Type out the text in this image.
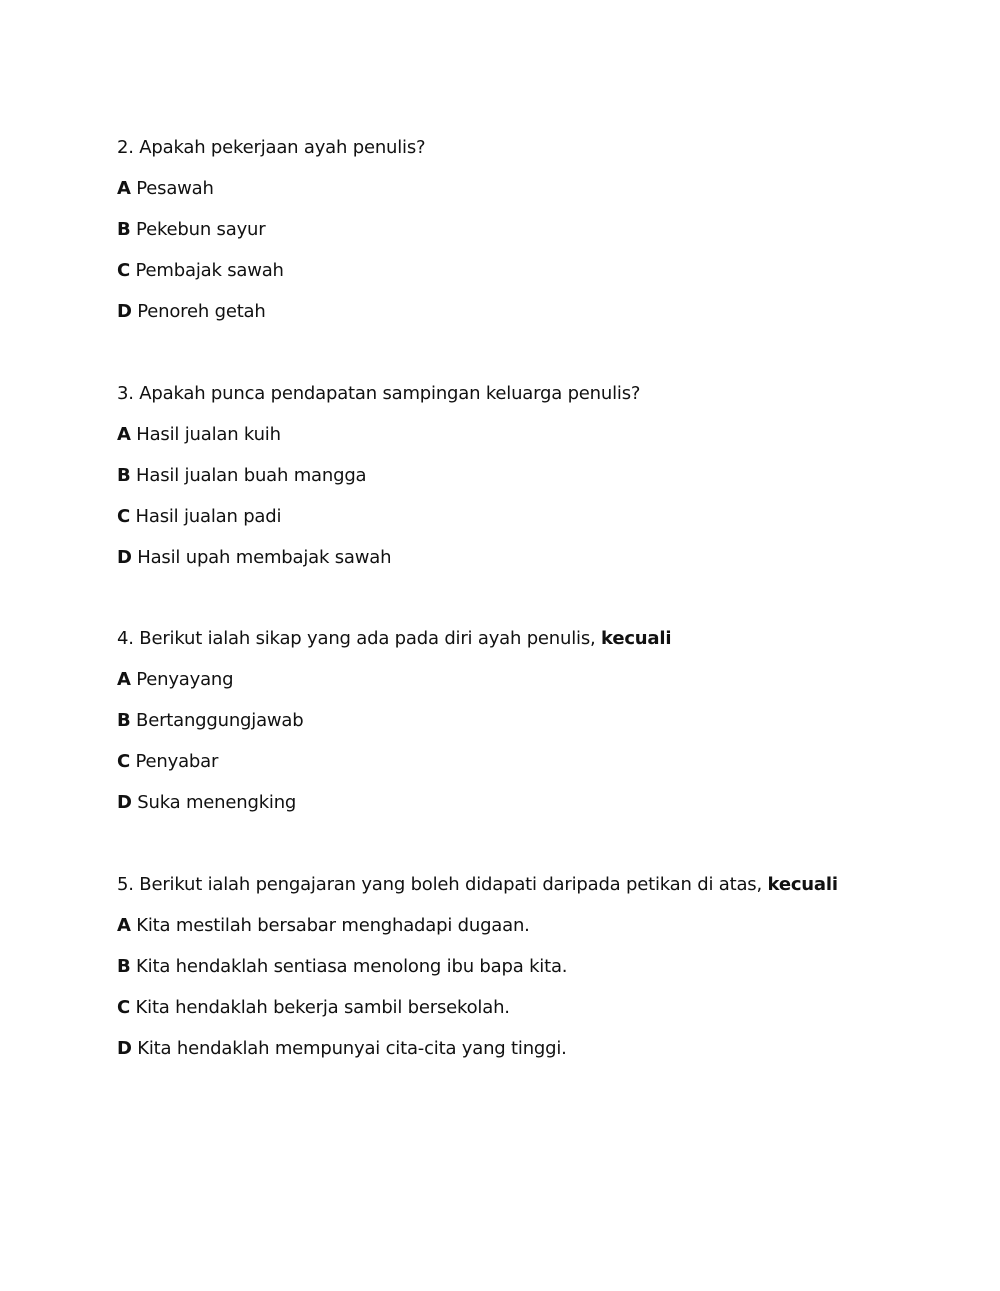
2. Apakah pekerjaan ayah penulis?
A Pesawah
B Pekebun sayur
C Pembajak sawah
D Penoreh getah
3. Apakah punca pendapatan sampingan keluarga penulis?
A Hasil jualan kuih
B Hasil jualan buah mangga
C Hasil jualan padi
D Hasil upah membajak sawah
4. Berikut ialah sikap yang ada pada diri ayah penulis, kecuali
A Penyayang
B Bertanggungjawab
C Penyabar
D Suka menengking
5. Berikut ialah pengajaran yang boleh didapati daripada petikan di atas, kecuali
A Kita mestilah bersabar menghadapi dugaan.
B Kita hendaklah sentiasa menolong ibu bapa kita.
C Kita hendaklah bekerja sambil bersekolah.
D Kita hendaklah mempunyai cita-cita yang tinggi.
